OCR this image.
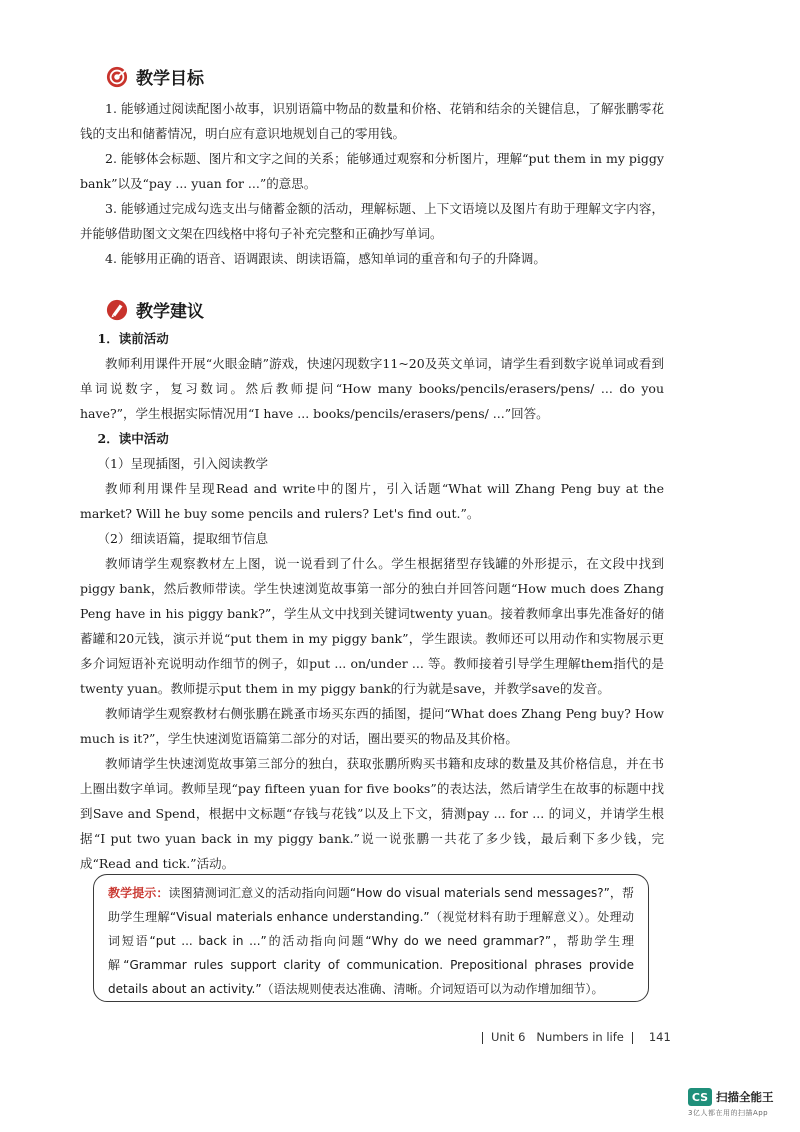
教学目标

1. 能够通过阅读配图小故事，识别语篇中物品的数量和价格、花销和结余的关键信息，了解张鹏零花钱的支出和储蓄情况，明白应有意识地规划自己的零用钱。

2. 能够体会标题、图片和文字之间的关系；能够通过观察和分析图片，理解“put them in my piggy bank”以及“pay ... yuan for ...”的意思。

3. 能够通过完成勾选支出与储蓄金额的活动，理解标题、上下文语境以及图片有助于理解文字内容，并能够借助图文文架在四线格中将句子补充完整和正确抄写单词。

4. 能够用正确的语音、语调跟读、朗读语篇，感知单词的重音和句子的升降调。

教学建议

1．读前活动

教师利用课件开展“火眼金睛”游戏，快速闪现数字11~20及英文单词，请学生看到数字说单词或看到单词说数字，复习数词。然后教师提问“How many books/pencils/erasers/pens/ ... do you have?”，学生根据实际情况用“I have ... books/pencils/erasers/pens/ ...”回答。

2．读中活动

（1）呈现插图，引入阅读教学

教师利用课件呈现Read and write中的图片，引入话题“What will Zhang Peng buy at the market? Will he buy some pencils and rulers? Let's find out.”。

（2）细读语篇，提取细节信息

教师请学生观察教材左上图，说一说看到了什么。学生根据猪型存钱罐的外形提示，在文段中找到piggy bank，然后教师带读。学生快速浏览故事第一部分的独白并回答问题“How much does Zhang Peng have in his piggy bank?”，学生从文中找到关键词twenty yuan。接着教师拿出事先准备好的储蓄罐和20元钱，演示并说“put them in my piggy bank”，学生跟读。教师还可以用动作和实物展示更多介词短语补充说明动作细节的例子，如put ... on/under ... 等。教师接着引导学生理解them指代的是twenty yuan。教师提示put them in my piggy bank的行为就是save，并教学save的发音。

教师请学生观察教材右侧张鹏在跳蚤市场买东西的插图，提问“What does Zhang Peng buy? How much is it?”，学生快速浏览语篇第二部分的对话，圈出要买的物品及其价格。

教师请学生快速浏览故事第三部分的独白，获取张鹏所购买书籍和皮球的数量及其价格信息，并在书上圈出数字单词。教师呈现“pay fifteen yuan for five books”的表达法，然后请学生在故事的标题中找到Save and Spend，根据中文标题“存钱与花钱”以及上下文，猜测pay ... for ... 的词义，并请学生根据“I put two yuan back in my piggy bank.”说一说张鹏一共花了多少钱，最后剩下多少钱，完成“Read and tick.”活动。

教学提示：读图猜测词汇意义的活动指向问题“How do visual materials send messages?”，帮助学生理解“Visual materials enhance understanding.”（视觉材料有助于理解意义）。处理动词短语“put ... back in ...”的活动指向问题“Why do we need grammar?”，帮助学生理解“Grammar rules support clarity of communication. Prepositional phrases provide details about an activity.”（语法规则使表达准确、清晰。介词短语可以为动作增加细节）。
Unit 6 Numbers in life 141
CS 扫描全能王
3亿人都在用的扫描App
